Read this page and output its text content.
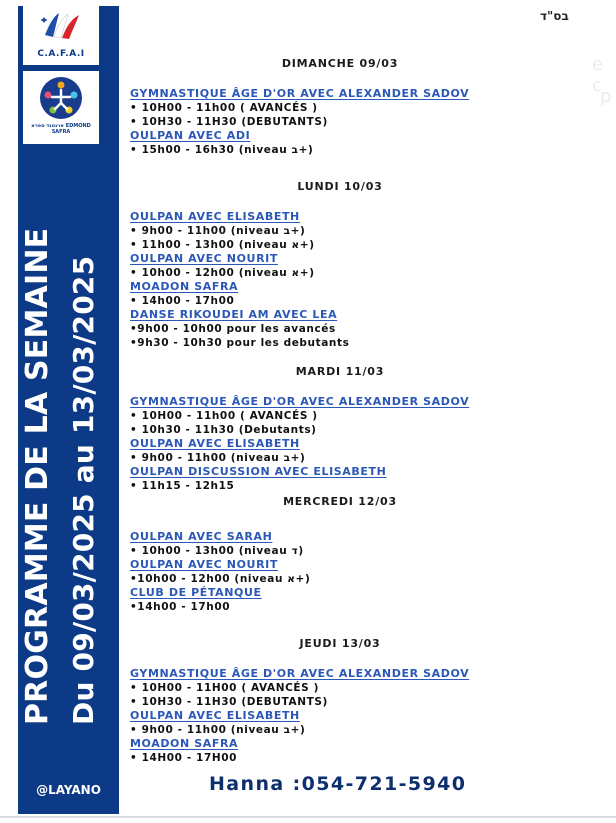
e c
p
C.A.F.A.I
ארגמנד ספרא EDMOND SAFRA
PROGRAMME DE LA SEMAINE Du 09/03/2025 au 13/03/2025
@LAYANO
בס"ד
DIMANCHE 09/03
GYMNASTIQUE ÂGE D'OR AVEC ALEXANDER SADOV
• 10H00 - 11h00 ( AVANCÉS )
• 10H30 - 11H30 (DEBUTANTS)
OULPAN AVEC ADI
• 15h00 - 16h30 (niveau ב+)
LUNDI 10/03
OULPAN AVEC ELISABETH
• 9h00 - 11h00 (niveau ב+)
• 11h00 - 13h00 (niveau א+)
OULPAN AVEC NOURIT
• 10h00 - 12h00 (niveau א+)
MOADON SAFRA
• 14h00 - 17h00
DANSE RIKOUDEI AM AVEC LEA
•9h00 - 10h00 pour les avancés
•9h30 - 10h30 pour les debutants
MARDI 11/03
GYMNASTIQUE ÂGE D'OR AVEC ALEXANDER SADOV
• 10H00 - 11h00 ( AVANCÉS )
• 10h30 - 11h30 (Debutants)
OULPAN AVEC ELISABETH
• 9h00 - 11h00 (niveau ב+)
OULPAN DISCUSSION AVEC ELISABETH
• 11h15 - 12h15
MERCREDI 12/03
OULPAN AVEC SARAH
• 10h00 - 13h00 (niveau ד)
OULPAN AVEC NOURIT
•10h00 - 12h00 (niveau א+)
CLUB DE PÉTANQUE
•14h00 - 17h00
JEUDI 13/03
GYMNASTIQUE ÂGE D'OR AVEC ALEXANDER SADOV
• 10H00 - 11H00 ( AVANCÉS )
• 10H30 - 11H30 (DEBUTANTS)
OULPAN AVEC ELISABETH
• 9h00 - 11h00 (niveau ב+)
MOADON SAFRA
• 14H00 - 17H00
Hanna :054-721-5940
